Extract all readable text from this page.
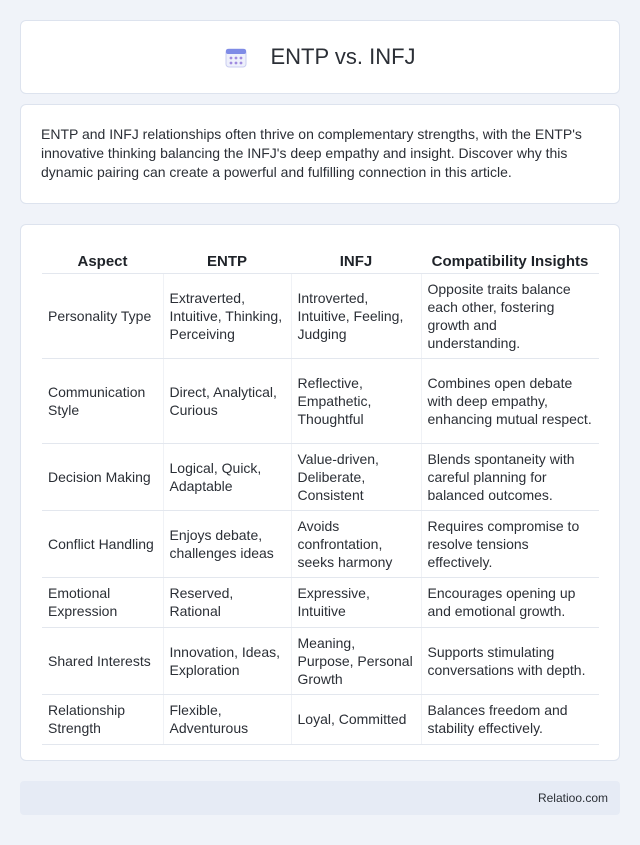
ENTP vs. INFJ

ENTP and INFJ relationships often thrive on complementary strengths, with the ENTP's innovative thinking balancing the INFJ's deep empathy and insight. Discover why this dynamic pairing can create a powerful and fulfilling connection in this article.

Aspect	ENTP	INFJ	Compatibility Insights
Personality Type	Extraverted, Intuitive, Thinking, Perceiving	Introverted, Intuitive, Feeling, Judging	Opposite traits balance each other, fostering growth and understanding.
Communication Style	Direct, Analytical, Curious	Reflective, Empathetic, Thoughtful	Combines open debate with deep empathy, enhancing mutual respect.
Decision Making	Logical, Quick, Adaptable	Value-driven, Deliberate, Consistent	Blends spontaneity with careful planning for balanced outcomes.
Conflict Handling	Enjoys debate, challenges ideas	Avoids confrontation, seeks harmony	Requires compromise to resolve tensions effectively.
Emotional Expression	Reserved, Rational	Expressive, Intuitive	Encourages opening up and emotional growth.
Shared Interests	Innovation, Ideas, Exploration	Meaning, Purpose, Personal Growth	Supports stimulating conversations with depth.
Relationship Strength	Flexible, Adventurous	Loyal, Committed	Balances freedom and stability effectively.
Relatioo.com
